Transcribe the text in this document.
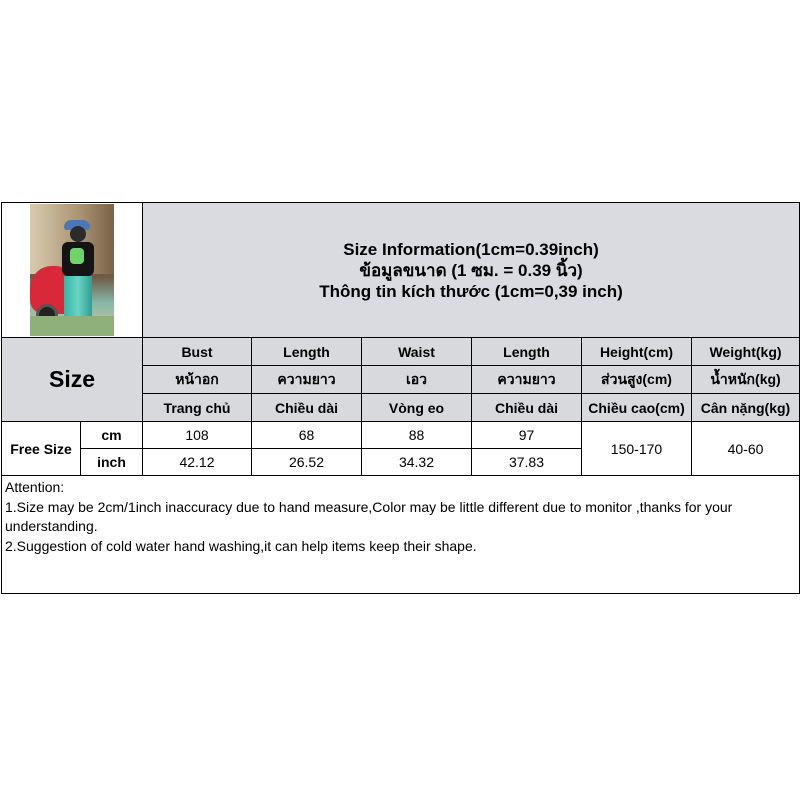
		Size Information(1cm=0.39inch)
ข้อมูลขนาด (1 ซม. = 0.39 นิ้ว)
Thông tin kích thước (1cm=0,39 inch)					

Size		Bust	Length	Waist	Length	Height(cm)	Weight(kg)
		หน้าอก	ความยาว	เอว	ความยาว	ส่วนสูง(cm)	น้ำหนัก(kg)
		Trang chủ	Chiều dài	Vòng eo	Chiều dài	Chiều cao(cm)	Cân nặng(kg)
Free Size	cm	108	68	88	97	150-170	40-60
	inch	42.12	26.52	34.32	37.83		

Attention:
1.Size may be 2cm/1inch inaccuracy due to hand measure,Color may be little different due to monitor ,thanks for your understanding.
2.Suggestion of cold water hand washing,it can help items keep their shape.							
